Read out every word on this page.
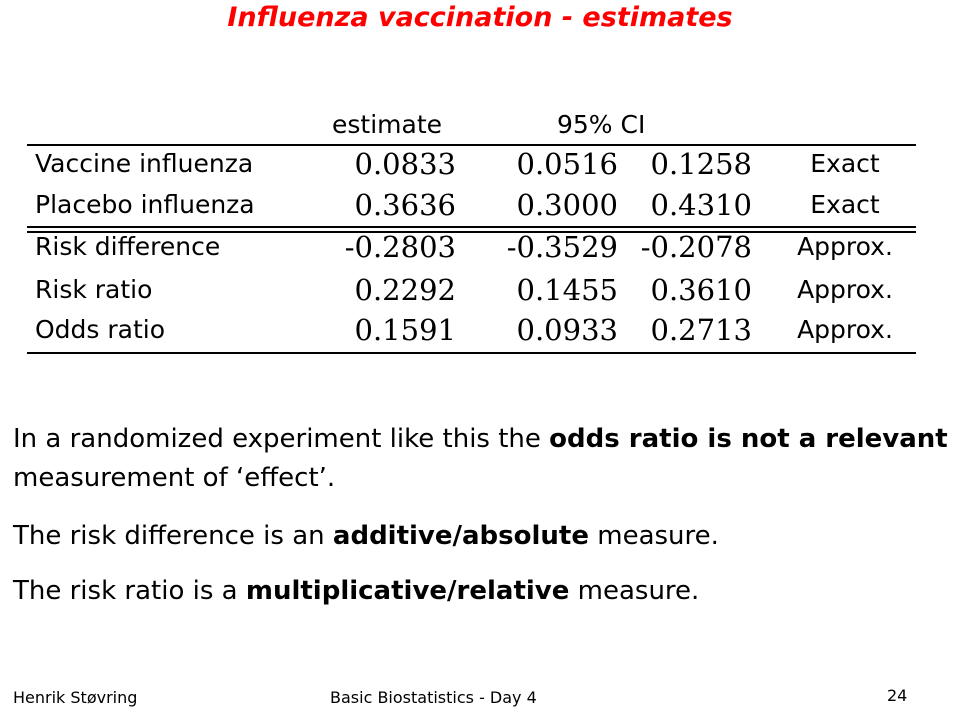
Influenza vaccination - estimates
estimate	95% CI
Vaccine influenza	0.0833	0.0516	0.1258	Exact
Placebo influenza	0.3636	0.3000	0.4310	Exact
Risk difference	-0.2803	-0.3529 -0.2078	Approx.
Risk ratio	0.2292	0.1455	0.3610	Approx.
Odds ratio	0.1591	0.0933	0.2713	Approx.

In a randomized experiment like this the odds ratio is not a relevant measurement of ‘effect’.

The risk difference is an additive/absolute measure.

The risk ratio is a multiplicative/relative measure.

Henrik Støvring	Basic Biostatistics - Day 4	24
